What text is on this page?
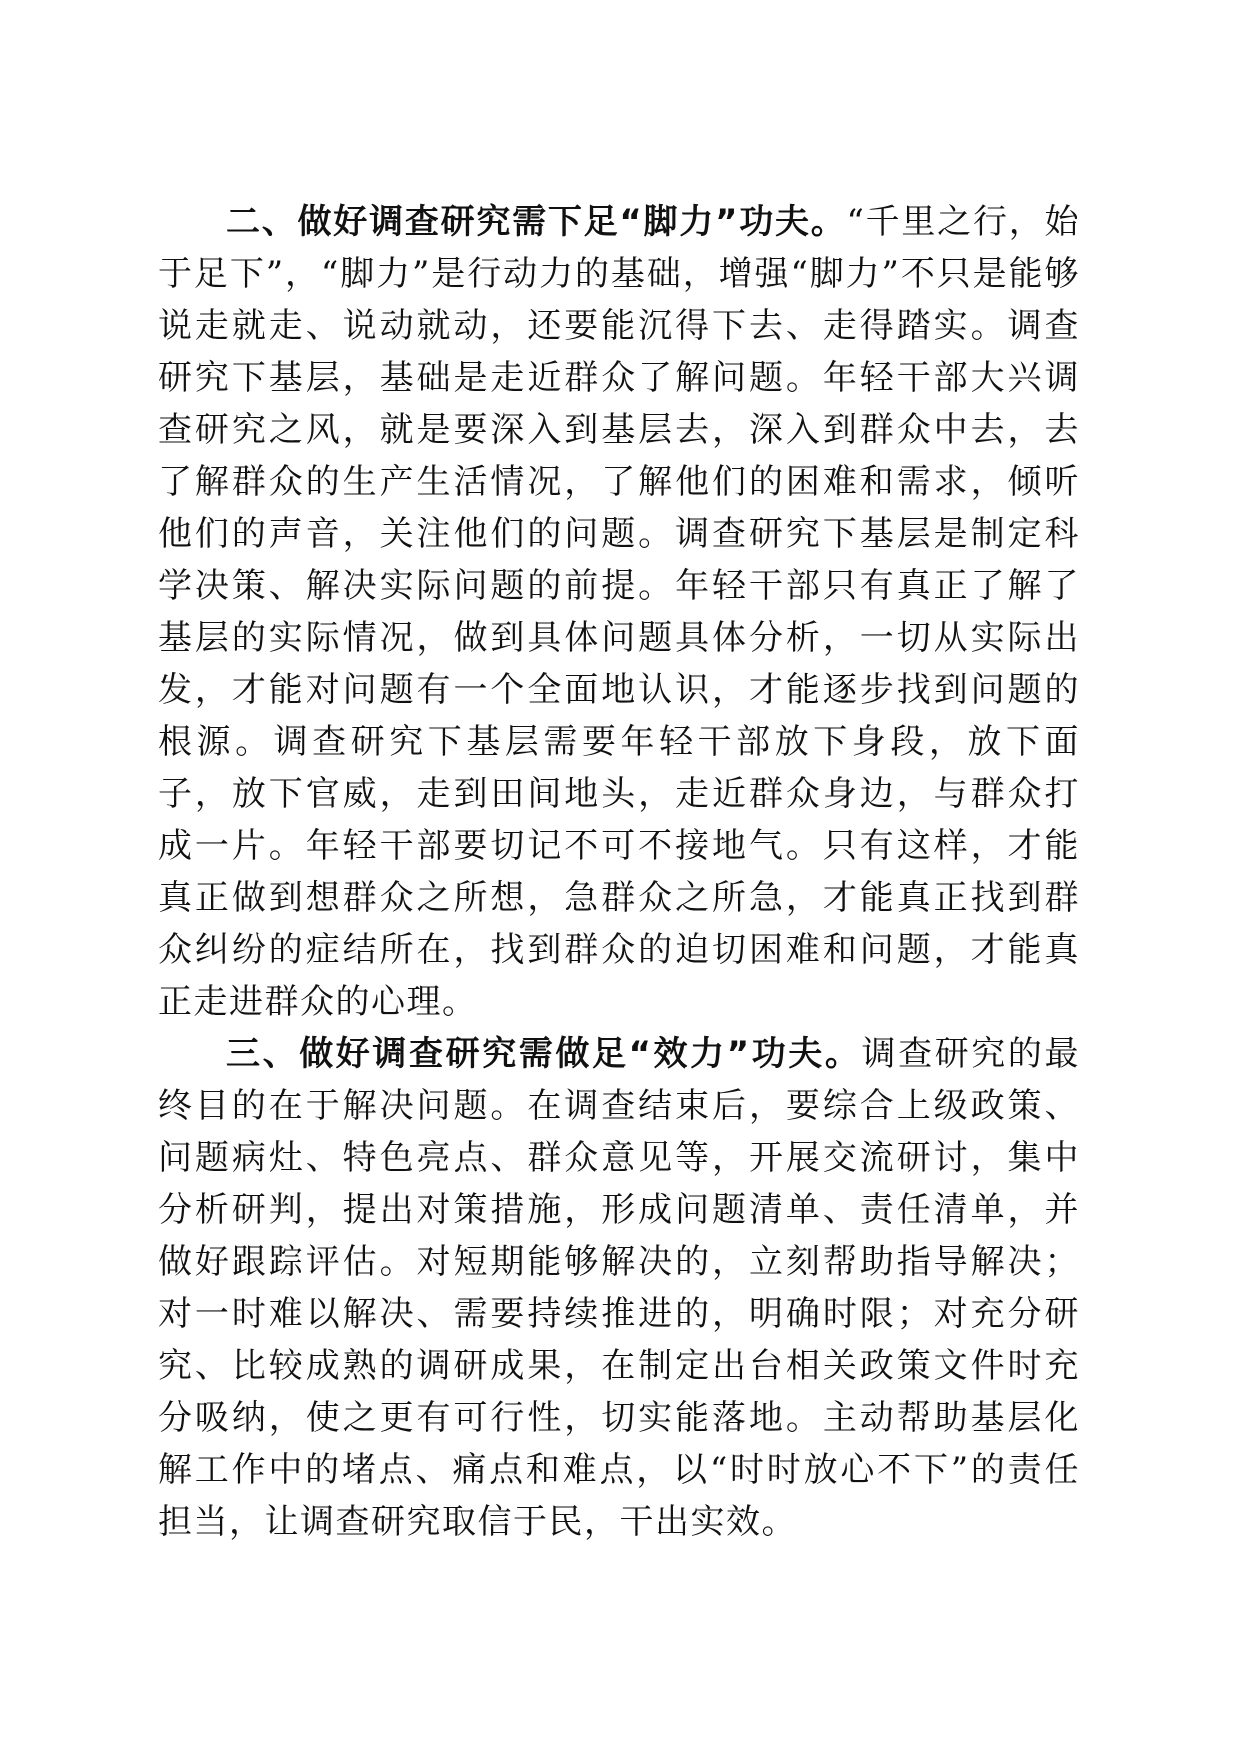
二、做好调查研究需下足“脚力”功夫。“千里之行，始于足下”，“脚力”是行动力的基础，增强“脚力”不只是能够说走就走、说动就动，还要能沉得下去、走得踏实。调查研究下基层，基础是走近群众了解问题。年轻干部大兴调查研究之风，就是要深入到基层去，深入到群众中去，去了解群众的生产生活情况，了解他们的困难和需求，倾听他们的声音，关注他们的问题。调查研究下基层是制定科学决策、解决实际问题的前提。年轻干部只有真正了解了基层的实际情况，做到具体问题具体分析，一切从实际出发，才能对问题有一个全面地认识，才能逐步找到问题的根源。调查研究下基层需要年轻干部放下身段，放下面子，放下官威，走到田间地头，走近群众身边，与群众打成一片。年轻干部要切记不可不接地气。只有这样，才能真正做到想群众之所想，急群众之所急，才能真正找到群众纠纷的症结所在，找到群众的迫切困难和问题，才能真正走进群众的心理。

三、做好调查研究需做足“效力”功夫。调查研究的最终目的在于解决问题。在调查结束后，要综合上级政策、问题病灶、特色亮点、群众意见等，开展交流研讨，集中分析研判，提出对策措施，形成问题清单、责任清单，并做好跟踪评估。对短期能够解决的，立刻帮助指导解决；对一时难以解决、需要持续推进的，明确时限；对充分研究、比较成熟的调研成果，在制定出台相关政策文件时充分吸纳，使之更有可行性，切实能落地。主动帮助基层化解工作中的堵点、痛点和难点，以“时时放心不下”的责任担当，让调查研究取信于民，干出实效。
